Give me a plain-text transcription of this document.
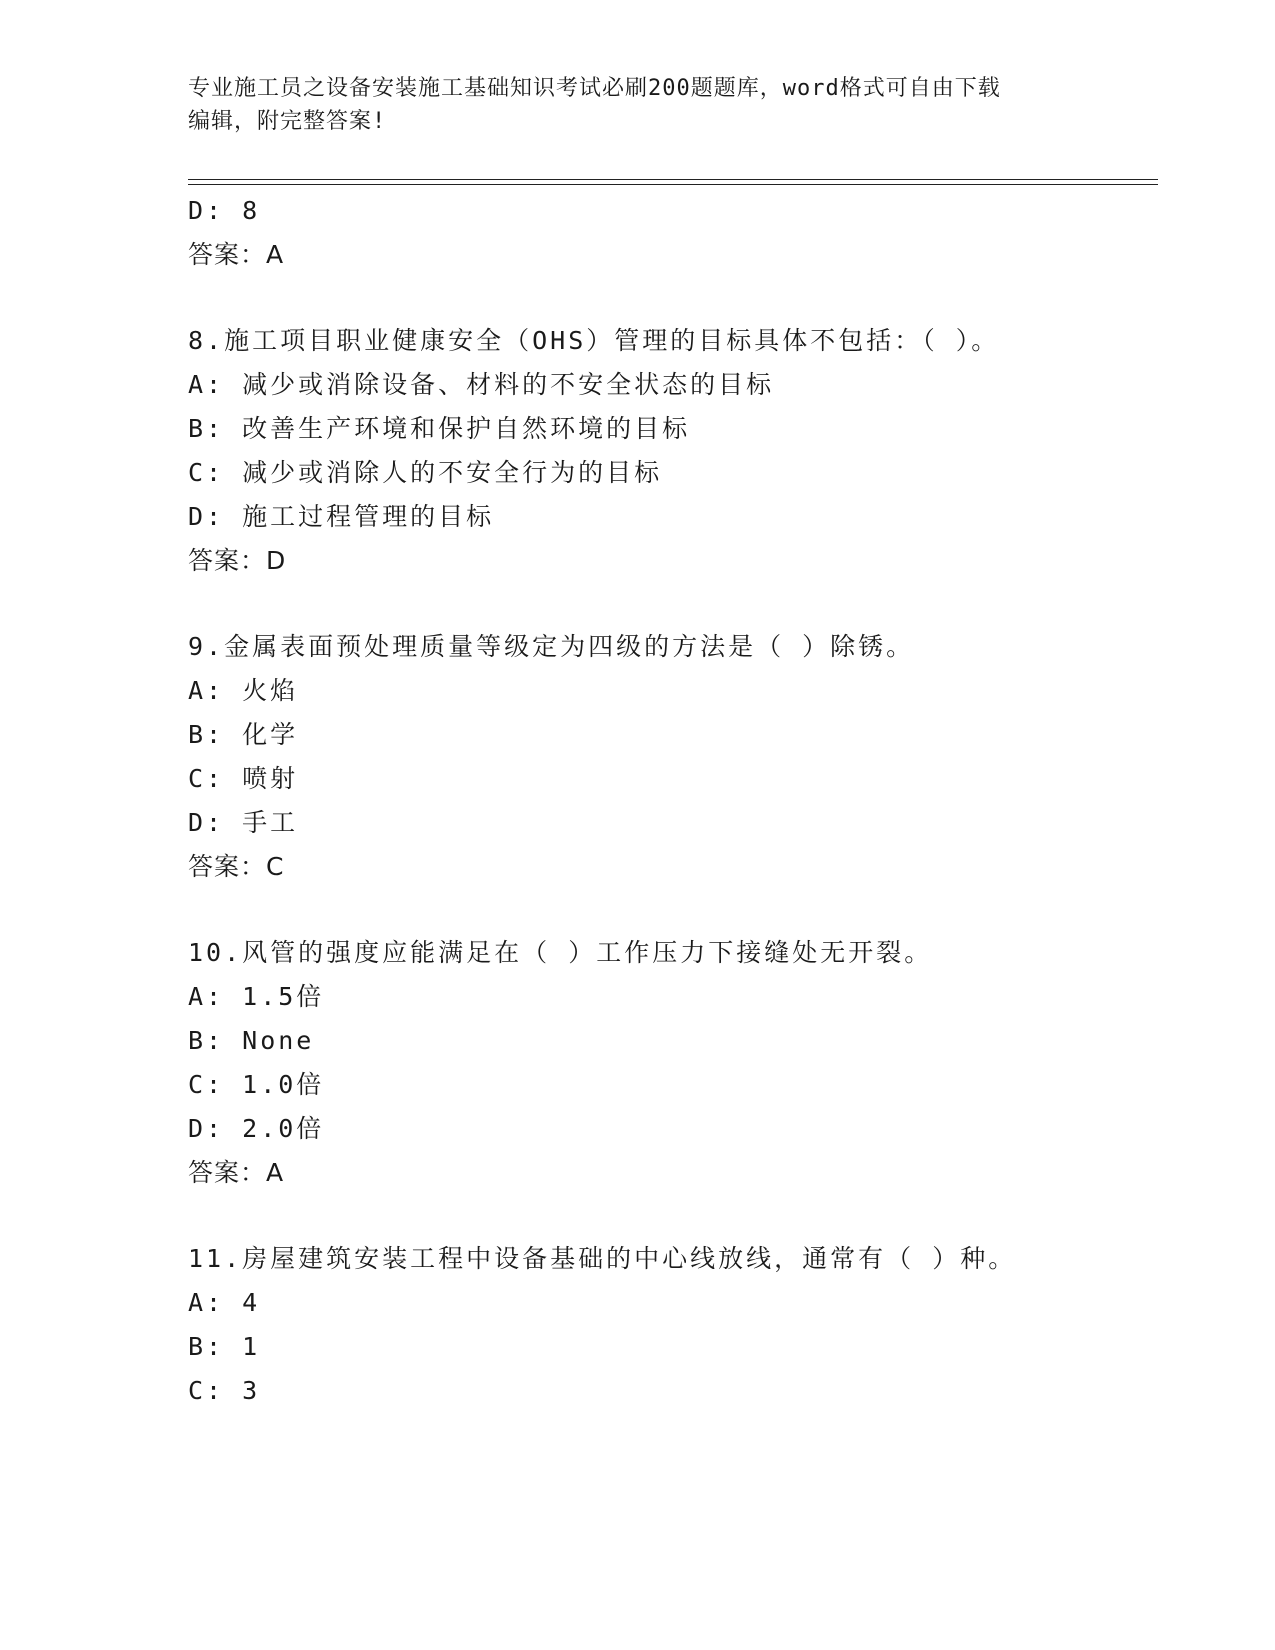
专业施工员之设备安装施工基础知识考试必刷200题题库，word格式可自由下载
编辑，附完整答案!
D: 8
答案：A
8.施工项目职业健康安全（OHS）管理的目标具体不包括：（ ）。
A: 减少或消除设备、材料的不安全状态的目标
B: 改善生产环境和保护自然环境的目标
C: 减少或消除人的不安全行为的目标
D: 施工过程管理的目标
答案：D
9.金属表面预处理质量等级定为四级的方法是（ ）除锈。
A: 火焰
B: 化学
C: 喷射
D: 手工
答案：C
10.风管的强度应能满足在（ ）工作压力下接缝处无开裂。
A: 1.5倍
B: None
C: 1.0倍
D: 2.0倍
答案：A
11.房屋建筑安装工程中设备基础的中心线放线，通常有（ ）种。
A: 4
B: 1
C: 3
